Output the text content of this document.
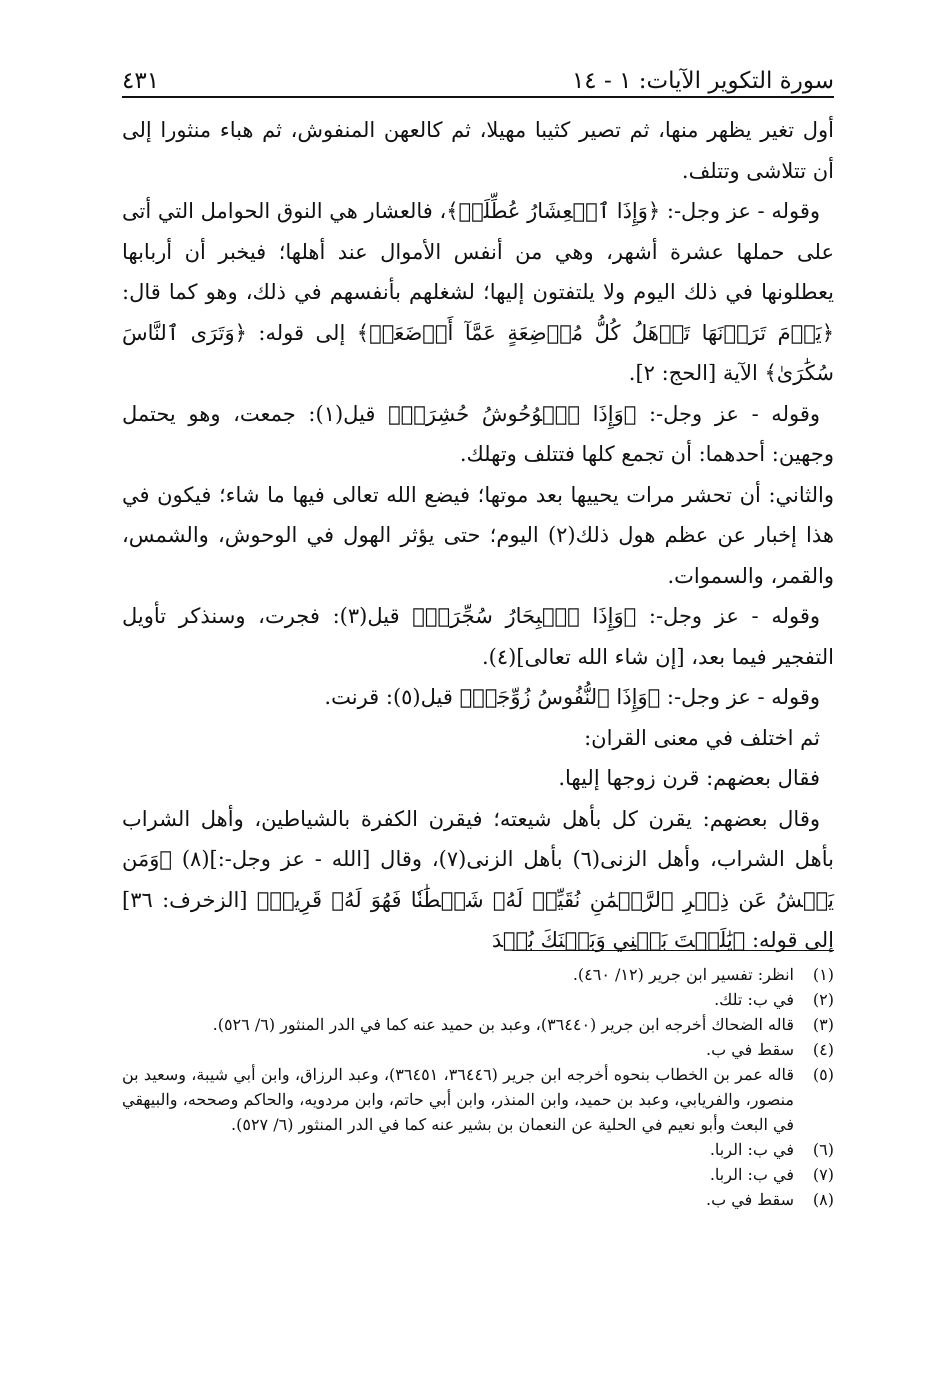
سورة التكوير الآيات: ١ - ١٤
٤٣١

أول تغير يظهر منها، ثم تصير كثيبا مهيلا، ثم كالعهن المنفوش، ثم هباء منثورا إلى أن تتلاشى وتتلف.

وقوله - عز وجل-: ﴿وَإِذَا ٱلۡعِشَارُ عُطِّلَتۡ﴾، فالعشار هي النوق الحوامل التي أتى على حملها عشرة أشهر، وهي من أنفس الأموال عند أهلها؛ فيخبر أن أربابها يعطلونها في ذلك اليوم ولا يلتفتون إليها؛ لشغلهم بأنفسهم في ذلك، وهو كما قال: ﴿يَوۡمَ تَرَوۡنَهَا تَذۡهَلُ كُلُّ مُرۡضِعَةٍ عَمَّآ أَرۡضَعَتۡ﴾ إلى قوله: ﴿وَتَرَى ٱلنَّاسَ سُكَٰرَىٰ﴾ الآية [الحج: ٢].

وقوله - عز وجل-: ﴿وَإِذَا ٱلۡوُحُوشُ حُشِرَتۡ﴾ قيل(١): جمعت، وهو يحتمل وجهين: أحدهما: أن تجمع كلها فتتلف وتهلك.

والثاني: أن تحشر مرات يحييها بعد موتها؛ فيضع الله تعالى فيها ما شاء؛ فيكون في هذا إخبار عن عظم هول ذلك(٢) اليوم؛ حتى يؤثر الهول في الوحوش، والشمس، والقمر، والسموات.

وقوله - عز وجل-: ﴿وَإِذَا ٱلۡبِحَارُ سُجِّرَتۡ﴾ قيل(٣): فجرت، وسنذكر تأويل التفجير فيما بعد، [إن شاء الله تعالى](٤).

وقوله - عز وجل-: ﴿وَإِذَا ٱلنُّفُوسُ زُوِّجَتۡ﴾ قيل(٥): قرنت.

ثم اختلف في معنى القران:

فقال بعضهم: قرن زوجها إليها.

وقال بعضهم: يقرن كل بأهل شيعته؛ فيقرن الكفرة بالشياطين، وأهل الشراب بأهل الشراب، وأهل الزنى(٦) بأهل الزنى(٧)، وقال [الله - عز وجل-:](٨) ﴿وَمَن يَعۡشُ عَن ذِكۡرِ ٱلرَّحۡمَٰنِ نُقَيِّضۡ لَهُۥ شَيۡطَٰنٗا فَهُوَ لَهُۥ قَرِينٞ﴾ [الزخرف: ٣٦] إلى قوله: ﴿يَٰلَيۡتَ بَيۡنِي وَبَيۡنَكَ بُعۡدَ

(١)
انظر: تفسير ابن جرير (١٢/ ٤٦٠).
(٢)
في ب: تلك.
(٣)
قاله الضحاك أخرجه ابن جرير (٣٦٤٤٠)، وعبد بن حميد عنه كما في الدر المنثور (٦/ ٥٢٦).
(٤)
سقط في ب.
(٥)
قاله عمر بن الخطاب بنحوه أخرجه ابن جرير (٣٦٤٤٦، ٣٦٤٥١)، وعبد الرزاق، وابن أبي شيبة، وسعيد بن منصور، والفريابي، وعبد بن حميد، وابن المنذر، وابن أبي حاتم، وابن مردويه، والحاكم وصححه، والبيهقي في البعث وأبو نعيم في الحلية عن النعمان بن بشير عنه كما في الدر المنثور (٦/ ٥٢٧).
(٦)
في ب: الربا.
(٧)
في ب: الربا.
(٨)
سقط في ب.
